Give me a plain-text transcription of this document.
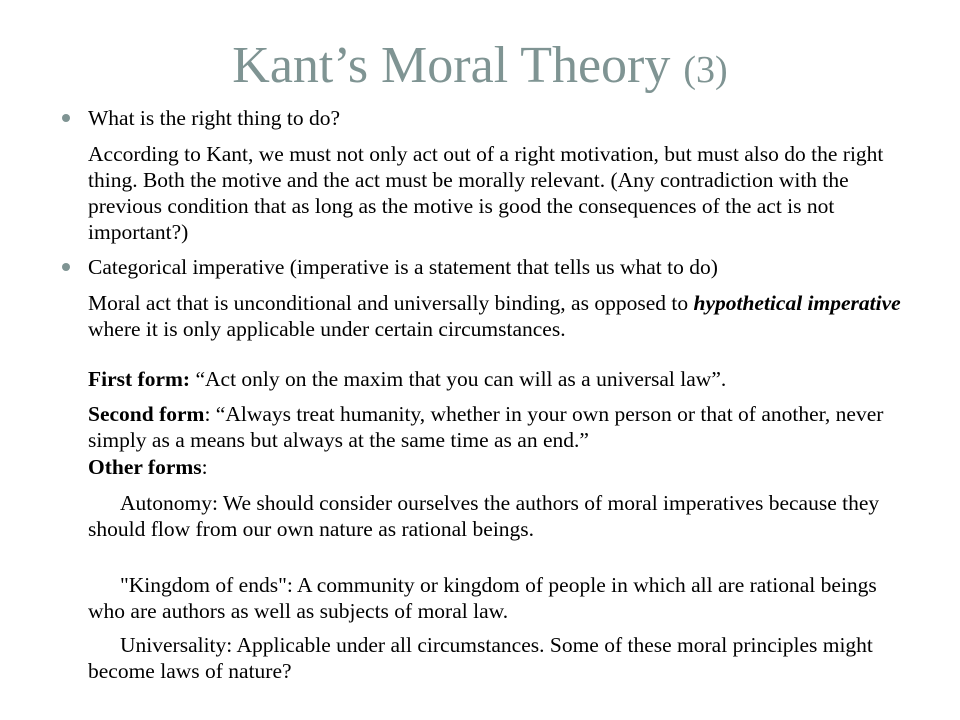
Kant’s Moral Theory (3)

What is the right thing to do?

According to Kant, we must not only act out of a right motivation, but must also do the right thing. Both the motive and the act must be morally relevant. (Any contradiction with the previous condition that as long as the motive is good the consequences of the act is not important?)

Categorical imperative (imperative is a statement that tells us what to do)

Moral act that is unconditional and universally binding, as opposed to hypothetical imperative where it is only applicable under certain circumstances.

First form: “Act only on the maxim that you can will as a universal law”.

Second form: “Always treat humanity, whether in your own person or that of another, never simply as a means but always at the same time as an end.”

Other forms:

Autonomy: We should consider ourselves the authors of moral imperatives because they should flow from our own nature as rational beings.

"Kingdom of ends": A community or kingdom of people in which all are rational beings who are authors as well as subjects of moral law.

Universality: Applicable under all circumstances. Some of these moral principles might become laws of nature?
